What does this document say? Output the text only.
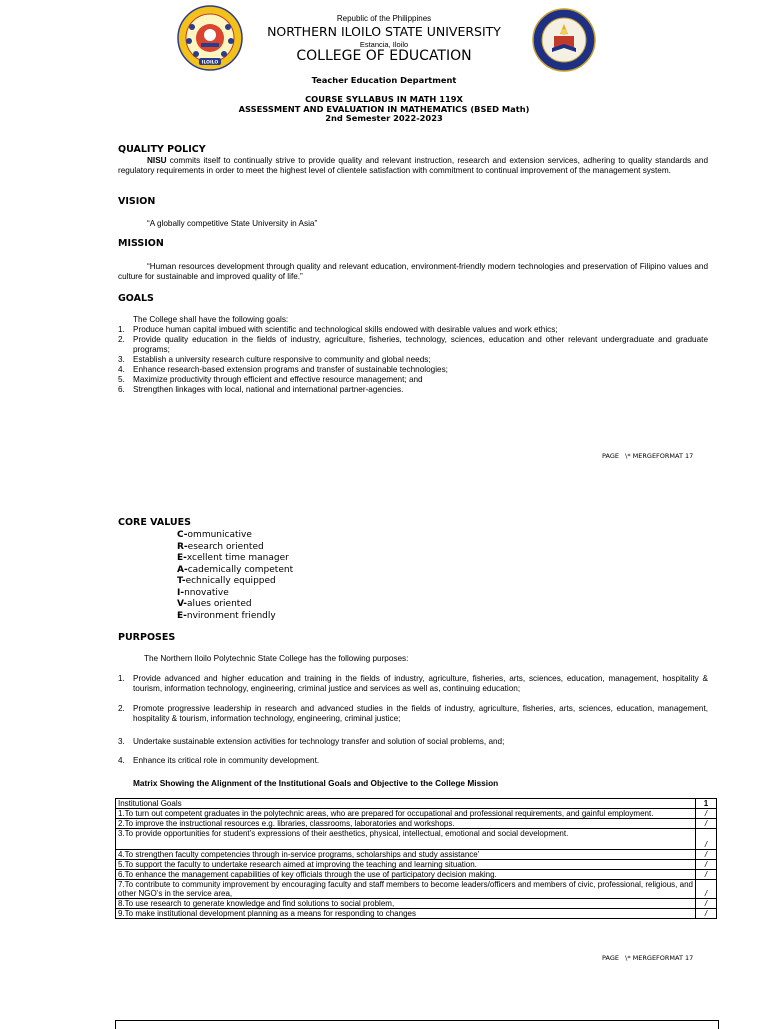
ILOILO
Republic of the Philippines
NORTHERN ILOILO STATE UNIVERSITY
Estancia, Iloilo
COLLEGE OF EDUCATION
Teacher Education Department
COURSE SYLLABUS IN MATH 119X
ASSESSMENT AND EVALUATION IN MATHEMATICS (BSED Math)
2nd Semester 2022-2023
QUALITY POLICY
NISU commits itself to continually strive to provide quality and relevant instruction, research and extension services, adhering to quality standards and regulatory requirements in order to meet the highest level of clientele satisfaction with commitment to continual improvement of the management system.
VISION
“A globally competitive State University in Asia”
MISSION
“Human resources development through quality and relevant education, environment-friendly modern technologies and preservation of Filipino values and culture for sustainable and improved quality of life.”
GOALS
The College shall have the following goals:
1. Produce human capital imbued with scientific and technological skills endowed with desirable values and work ethics;
2. Provide quality education in the fields of industry, agriculture, fisheries, technology, sciences, education and other relevant undergraduate and graduate programs;
3. Establish a university research culture responsive to community and global needs;
4. Enhance research-based extension programs and transfer of sustainable technologies;
5. Maximize productivity through efficient and effective resource management; and
6. Strengthen linkages with local, national and international partner-agencies.
PAGE   \* MERGEFORMAT 17
CORE VALUES
C-ommunicative
R-esearch oriented
E-xcellent time manager
A-cademically competent
T-echnically equipped
I-nnovative
V-alues oriented
E-nvironment friendly
PURPOSES
The Northern Iloilo Polytechnic State College has the following purposes:
1. Provide advanced and higher education and training in the fields of industry, agriculture, fisheries, arts, sciences, education, management, hospitality & tourism, information technology, engineering, criminal justice and services as well as, continuing education;
2. Promote progressive leadership in research and advanced studies in the fields of industry, agriculture, fisheries, arts, sciences, education, management, hospitality & tourism, information technology, engineering, criminal justice;
3. Undertake sustainable extension activities for technology transfer and solution of social problems, and;
4. Enhance its critical role in community development.
Matrix Showing the Alignment of the Institutional Goals and Objective to the College Mission
Institutional Goals	1
1.To turn out competent graduates in the polytechnic areas, who are prepared for occupational and professional requirements, and gainful employment.	/
2.To improve the instructional resources e.g. libraries, classrooms, laboratories and workshops.	/
3.To provide opportunities for student’s expressions of their aesthetics, physical, intellectual, emotional and social development.	/
4.To strengthen faculty competencies through in-service programs, scholarships and study assistance’	/
5.To support the faculty to undertake research aimed at improving the teaching and learning situation.	/
6.To enhance the management capabilities of key officials through the use of participatory decision making.	/
7.To contribute to community improvement by encouraging faculty and staff members to become leaders/officers and members of civic, professional, religious, and other NGO’s in the service area,	/
8.To use research to generate knowledge and find solutions to social problem,	/
9.To make institutional development planning as a means for responding to changes	/
PAGE   \* MERGEFORMAT 17
